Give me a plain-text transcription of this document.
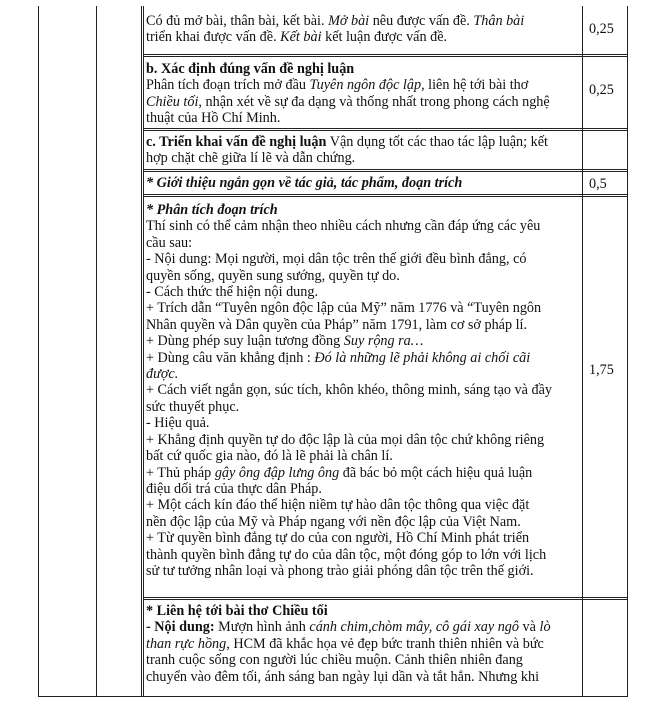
Có đủ mở bài, thân bài, kết bài. Mở bài nêu được vấn đề. Thân bài

triển khai được vấn đề. Kết bài kết luận được vấn đề.

0,25

b. Xác định đúng vấn đề nghị luận

Phân tích đoạn trích mở đầu Tuyên ngôn độc lập, liên hệ tới bài thơ

Chiều tối, nhận xét về sự đa dạng và thống nhất trong phong cách nghệ

thuật của Hồ Chí Minh.

0,25

c. Triển khai vấn đề nghị luận Vận dụng tốt các thao tác lập luận; kết

hợp chặt chẽ giữa lí lẽ và dẫn chứng.

* Giới thiệu ngắn gọn về tác giả, tác phẩm, đoạn trích	0,5

* Phân tích đoạn trích

Thí sinh có thể cảm nhận theo nhiều cách nhưng cần đáp ứng các yêu

cầu sau:

- Nội dung: Mọi người, mọi dân tộc trên thế giới đều bình đẳng, có

quyền sống, quyền sung sướng, quyền tự do.

- Cách thức thể hiện nội dung.

+ Trích dẫn “Tuyên ngôn độc lập của Mỹ” năm 1776 và “Tuyên ngôn

Nhân quyền và Dân quyền của Pháp” năm 1791, làm cơ sở pháp lí.

+ Dùng phép suy luận tương đồng Suy rộng ra…

+ Dùng câu văn khẳng định : Đó là những lẽ phải không ai chối cãi

được.

+ Cách viết ngắn gọn, súc tích, khôn khéo, thông minh, sáng tạo và đầy

sức thuyết phục.

- Hiệu quả.

+ Khẳng định quyền tự do độc lập là của mọi dân tộc chứ không riêng

bất cứ quốc gia nào, đó là lẽ phải là chân lí.

+ Thủ pháp gậy ông đập lưng ông đã bác bỏ một cách hiệu quả luận

điệu dối trá của thực dân Pháp.

+ Một cách kín đáo thể hiện niềm tự hào dân tộc thông qua việc đặt

nền độc lập của Mỹ và Pháp ngang với nền độc lập của Việt Nam.

+ Từ quyền bình đẳng tự do của con người, Hồ Chí Minh phát triển

thành quyền bình đẳng tự do của dân tộc, một đóng góp to lớn với lịch

sử tư tưởng nhân loại và phong trào giải phóng dân tộc trên thế giới.

1,75

* Liên hệ tới bài thơ Chiều tối

- Nội dung: Mượn hình ảnh cánh chim,chòm mây, cô gái xay ngô và lò

than rực hồng, HCM đã khắc họa vẻ đẹp bức tranh thiên nhiên và bức

tranh cuộc sống con người lúc chiều muộn. Cảnh thiên nhiên đang

chuyển vào đêm tối, ánh sáng ban ngày lụi dần và tắt hẳn. Nhưng khi
